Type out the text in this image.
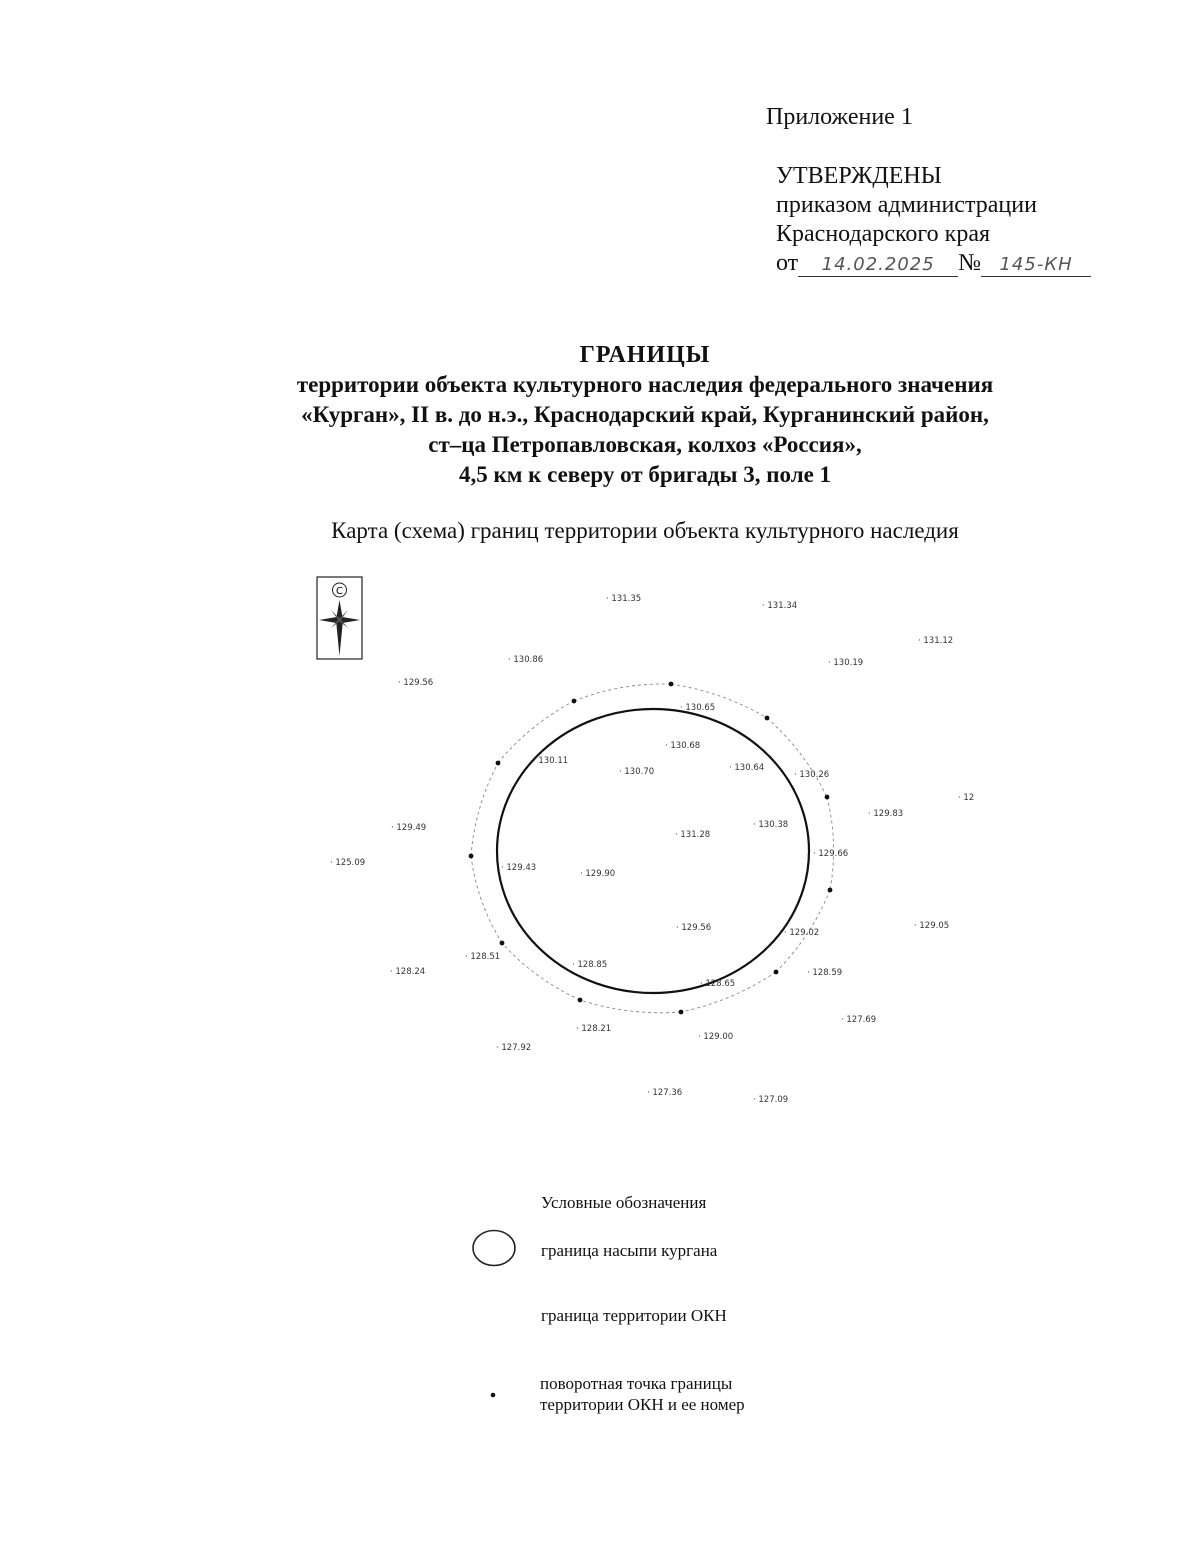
Приложение 1
УТВЕРЖДЕНЫ
приказом администрации
Краснодарского края
от 14.02.2025 № 145-КН
ГРАНИЦЫ
территории объекта культурного наследия федерального значения
«Курган», II в. до н.э., Краснодарский край, Курганинский район,
ст–ца Петропавловская, колхоз «Россия»,
4,5 км к северу от бригады 3, поле 1
Карта (схема) границ территории объекта культурного наследия
С
· 131.35
· 131.34
· 131.12
· 130.86	· 130.19
· 129.56
· 130.65
· 130.68
· 130.11
· 130.70	· 130.64
· 130.26
· 129.83
· 12
· 129.49
· 131.28
· 130.38
· 129.66
· 125.09	· 129.43
· 129.90
· 129.56	· 129.02
· 129.05
· 128.51
· 128.24
· 128.85
· 128.65
· 128.59
· 127.69
· 128.21
· 129.00
· 127.92
· 127.36
· 127.09
Условные обозначения
граница насыпи кургана
граница территории ОКН
поворотная точка границы
территории ОКН и ее номер
